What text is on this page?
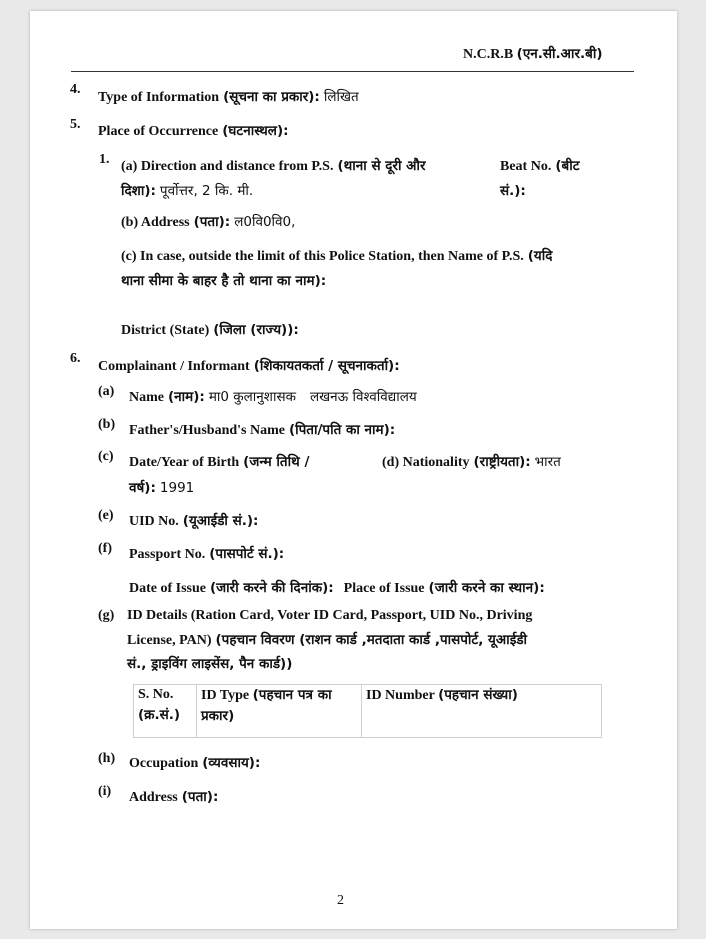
N.C.R.B (एन.सी.आर.बी)
4.
Type of Information (सूचना का प्रकार): लिखित
5. Place of Occurrence (घटनास्थल):
1. (a) Direction and distance from P.S. (थाना से दूरी और
दिशा): पूर्वोत्तर, 2 कि. मी.
Beat No. (बीट
सं.):
(b) Address (पता): ल0वि0वि0,
(c) In case, outside the limit of this Police Station, then Name of P.S. (यदि
थाना सीमा के बाहर है तो थाना का नाम):
District (State) (जिला (राज्य)):
6.
Complainant / Informant (शिकायतकर्ता / सूचनाकर्ता):
(a) Name (नाम): मा0 कुलानुशासक लखनऊ विश्वविद्यालय
(b) Father's/Husband's Name (पिता/पति का नाम):
(c) Date/Year of Birth (जन्म तिथि /
वर्ष): 1991
(d) Nationality (राष्ट्रीयता): भारत
(e) UID No. (यूआईडी सं.):
(f) Passport No. (पासपोर्ट सं.):
Date of Issue (जारी करने की दिनांक): Place of Issue (जारी करने का स्थान):
(g) ID Details (Ration Card, Voter ID Card, Passport, UID No., Driving
License, PAN) (पहचान विवरण (राशन कार्ड ,मतदाता कार्ड ,पासपोर्ट, यूआईडी
सं., ड्राइविंग लाइसेंस, पैन कार्ड))
S. No.
(क्र.सं.)	ID Type (पहचान पत्र का
प्रकार)	ID Number (पहचान संख्या)
(h) Occupation (व्यवसाय):
(i) Address (पता):
2
